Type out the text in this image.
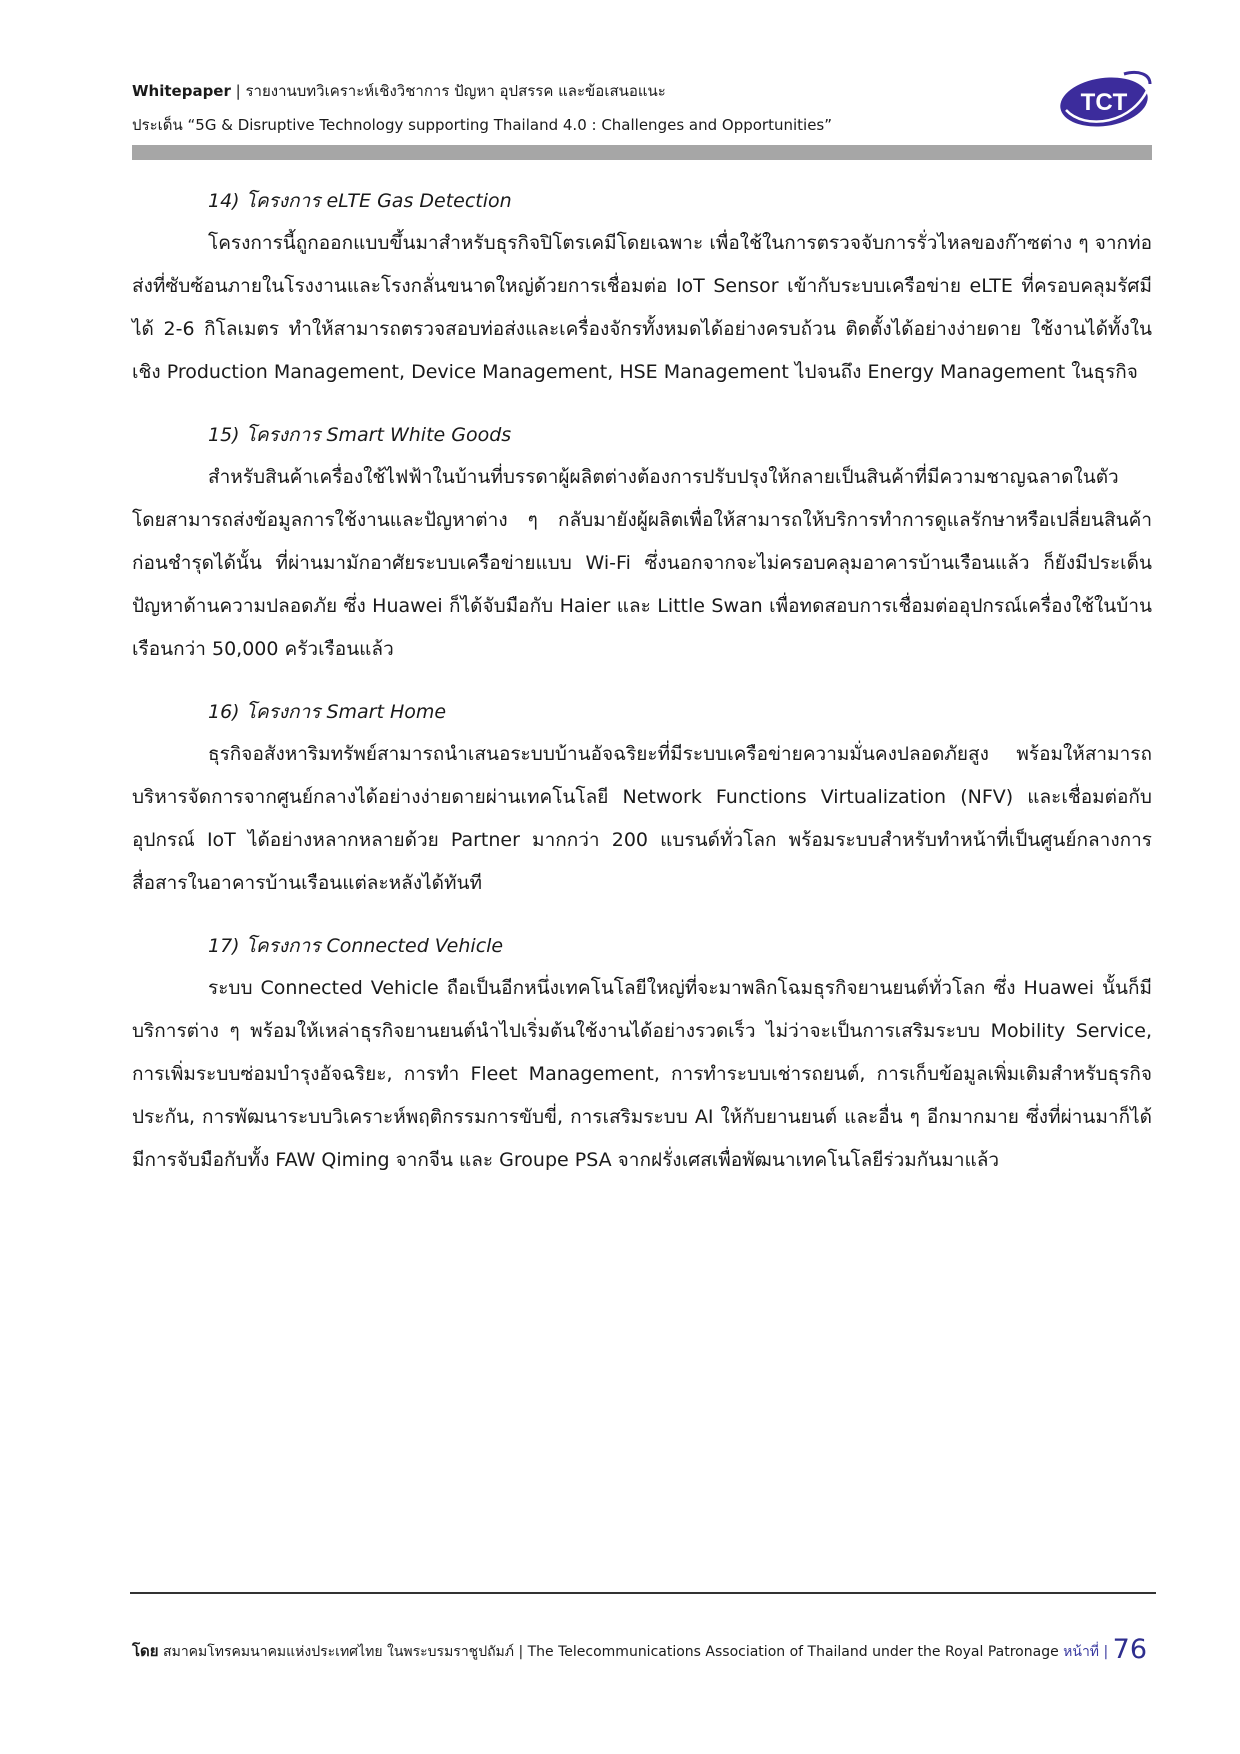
Whitepaper | รายงานบทวิเคราะห์เชิงวิชาการ ปัญหา อุปสรรค และข้อเสนอแนะ
ประเด็น “5G & Disruptive Technology supporting Thailand 4.0 : Challenges and Opportunities”
TCT
14) โครงการ eLTE Gas Detection
โครงการนี้ถูกออกแบบขึ้นมาสำหรับธุรกิจปิโตรเคมีโดยเฉพาะ เพื่อใช้ในการตรวจจับการรั่วไหลของก๊าซต่าง ๆ จากท่อส่งที่ซับซ้อนภายในโรงงานและโรงกลั่นขนาดใหญ่ด้วยการเชื่อมต่อ IoT Sensor เข้ากับระบบเครือข่าย eLTE ที่ครอบคลุมรัศมีได้ 2-6 กิโลเมตร ทำให้สามารถตรวจสอบท่อส่งและเครื่องจักรทั้งหมดได้อย่างครบถ้วน ติดตั้งได้อย่างง่ายดาย ใช้งานได้ทั้งในเชิง Production Management, Device Management, HSE Management ไปจนถึง Energy Management ในธุรกิจ
15) โครงการ Smart White Goods
สำหรับสินค้าเครื่องใช้ไฟฟ้าในบ้านที่บรรดาผู้ผลิตต่างต้องการปรับปรุงให้กลายเป็นสินค้าที่มีความชาญฉลาดในตัว โดยสามารถส่งข้อมูลการใช้งานและปัญหาต่าง ๆ กลับมายังผู้ผลิตเพื่อให้สามารถให้บริการทำการดูแลรักษาหรือเปลี่ยนสินค้าก่อนชำรุดได้นั้น ที่ผ่านมามักอาศัยระบบเครือข่ายแบบ Wi-Fi ซึ่งนอกจากจะไม่ครอบคลุมอาคารบ้านเรือนแล้ว ก็ยังมีประเด็นปัญหาด้านความปลอดภัย ซึ่ง Huawei ก็ได้จับมือกับ Haier และ Little Swan เพื่อทดสอบการเชื่อมต่ออุปกรณ์เครื่องใช้ในบ้านเรือนกว่า 50,000 ครัวเรือนแล้ว
16) โครงการ Smart Home
ธุรกิจอสังหาริมทรัพย์สามารถนำเสนอระบบบ้านอัจฉริยะที่มีระบบเครือข่ายความมั่นคงปลอดภัยสูง พร้อมให้สามารถบริหารจัดการจากศูนย์กลางได้อย่างง่ายดายผ่านเทคโนโลยี Network Functions Virtualization (NFV) และเชื่อมต่อกับอุปกรณ์ IoT ได้อย่างหลากหลายด้วย Partner มากกว่า 200 แบรนด์ทั่วโลก พร้อมระบบสำหรับทำหน้าที่เป็นศูนย์กลางการสื่อสารในอาคารบ้านเรือนแต่ละหลังได้ทันที
17) โครงการ Connected Vehicle
ระบบ Connected Vehicle ถือเป็นอีกหนึ่งเทคโนโลยีใหญ่ที่จะมาพลิกโฉมธุรกิจยานยนต์ทั่วโลก ซึ่ง Huawei นั้นก็มีบริการต่าง ๆ พร้อมให้เหล่าธุรกิจยานยนต์นำไปเริ่มต้นใช้งานได้อย่างรวดเร็ว ไม่ว่าจะเป็นการเสริมระบบ Mobility Service, การเพิ่มระบบซ่อมบำรุงอัจฉริยะ, การทำ Fleet Management, การทำระบบเช่ารถยนต์, การเก็บข้อมูลเพิ่มเติมสำหรับธุรกิจประกัน, การพัฒนาระบบวิเคราะห์พฤติกรรมการขับขี่, การเสริมระบบ AI ให้กับยานยนต์ และอื่น ๆ อีกมากมาย ซึ่งที่ผ่านมาก็ได้มีการจับมือกับทั้ง FAW Qiming จากจีน และ Groupe PSA จากฝรั่งเศสเพื่อพัฒนาเทคโนโลยีร่วมกันมาแล้ว
โดย สมาคมโทรคมนาคมแห่งประเทศไทย ในพระบรมราชูปถัมภ์ | The Telecommunications Association of Thailand under the Royal Patronage หน้าที่ | 76
